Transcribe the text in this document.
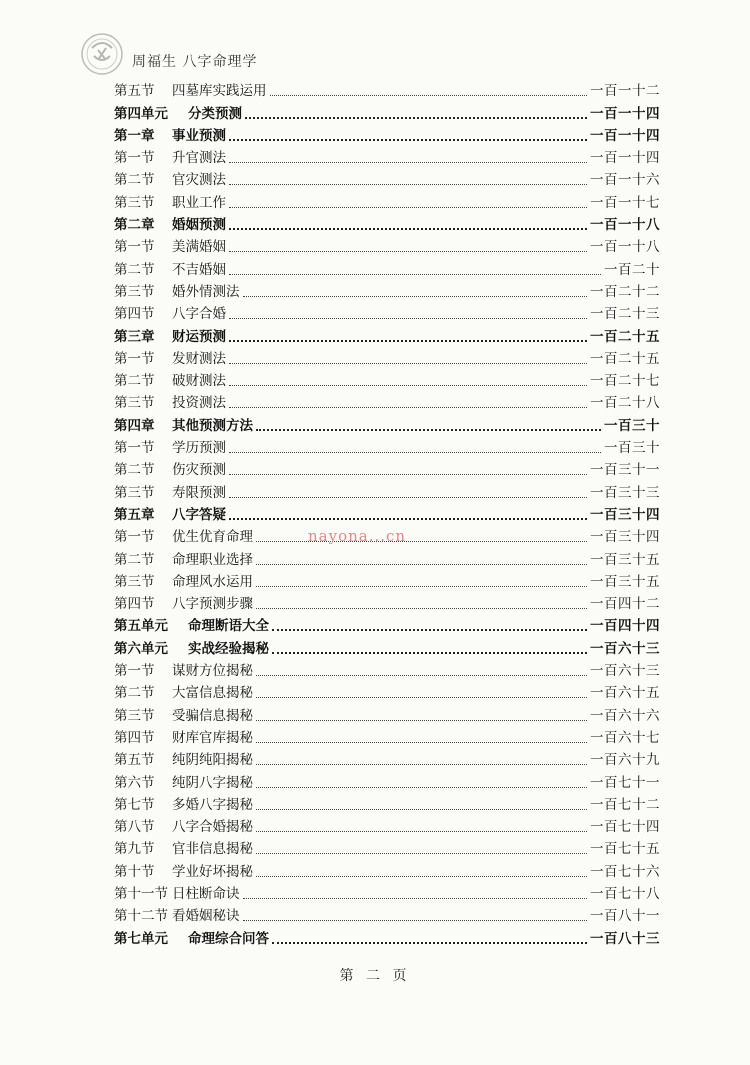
周福生 八字命理学
第五节	四墓库实践运用	一百一十二
第四单元	分类预测	一百一十四
第一章	事业预测	一百一十四
第一节	升官测法	一百一十四
第二节	官灾测法	一百一十六
第三节	职业工作	一百一十七
第二章	婚姻预测	一百一十八
第一节	美满婚姻	一百一十八
第二节	不吉婚姻	一百二十
第三节	婚外情测法	一百二十二
第四节	八字合婚	一百二十三
第三章	财运预测	一百二十五
第一节	发财测法	一百二十五
第二节	破财测法	一百二十七
第三节	投资测法	一百二十八
第四章	其他预测方法	一百三十
第一节	学历预测	一百三十
第二节	伤灾预测	一百三十一
第三节	寿限预测	一百三十三
第五章	八字答疑	一百三十四
第一节	优生优育命理	一百三十四
第二节	命理职业选择	一百三十五
第三节	命理风水运用	一百三十五
第四节	八字预测步骤	一百四十二
第五单元	命理断语大全	一百四十四
第六单元	实战经验揭秘	一百六十三
第一节	谋财方位揭秘	一百六十三
第二节	大富信息揭秘	一百六十五
第三节	受骗信息揭秘	一百六十六
第四节	财库官库揭秘	一百六十七
第五节	纯阴纯阳揭秘	一百六十九
第六节	纯阴八字揭秘	一百七十一
第七节	多婚八字揭秘	一百七十二
第八节	八字合婚揭秘	一百七十四
第九节	官非信息揭秘	一百七十五
第十节	学业好坏揭秘	一百七十六
第十一节 日柱断命诀	一百七十八
第十二节 看婚姻秘诀	一百八十一
第七单元	命理综合问答	一百八十三
nayona...cn
第 二 页
